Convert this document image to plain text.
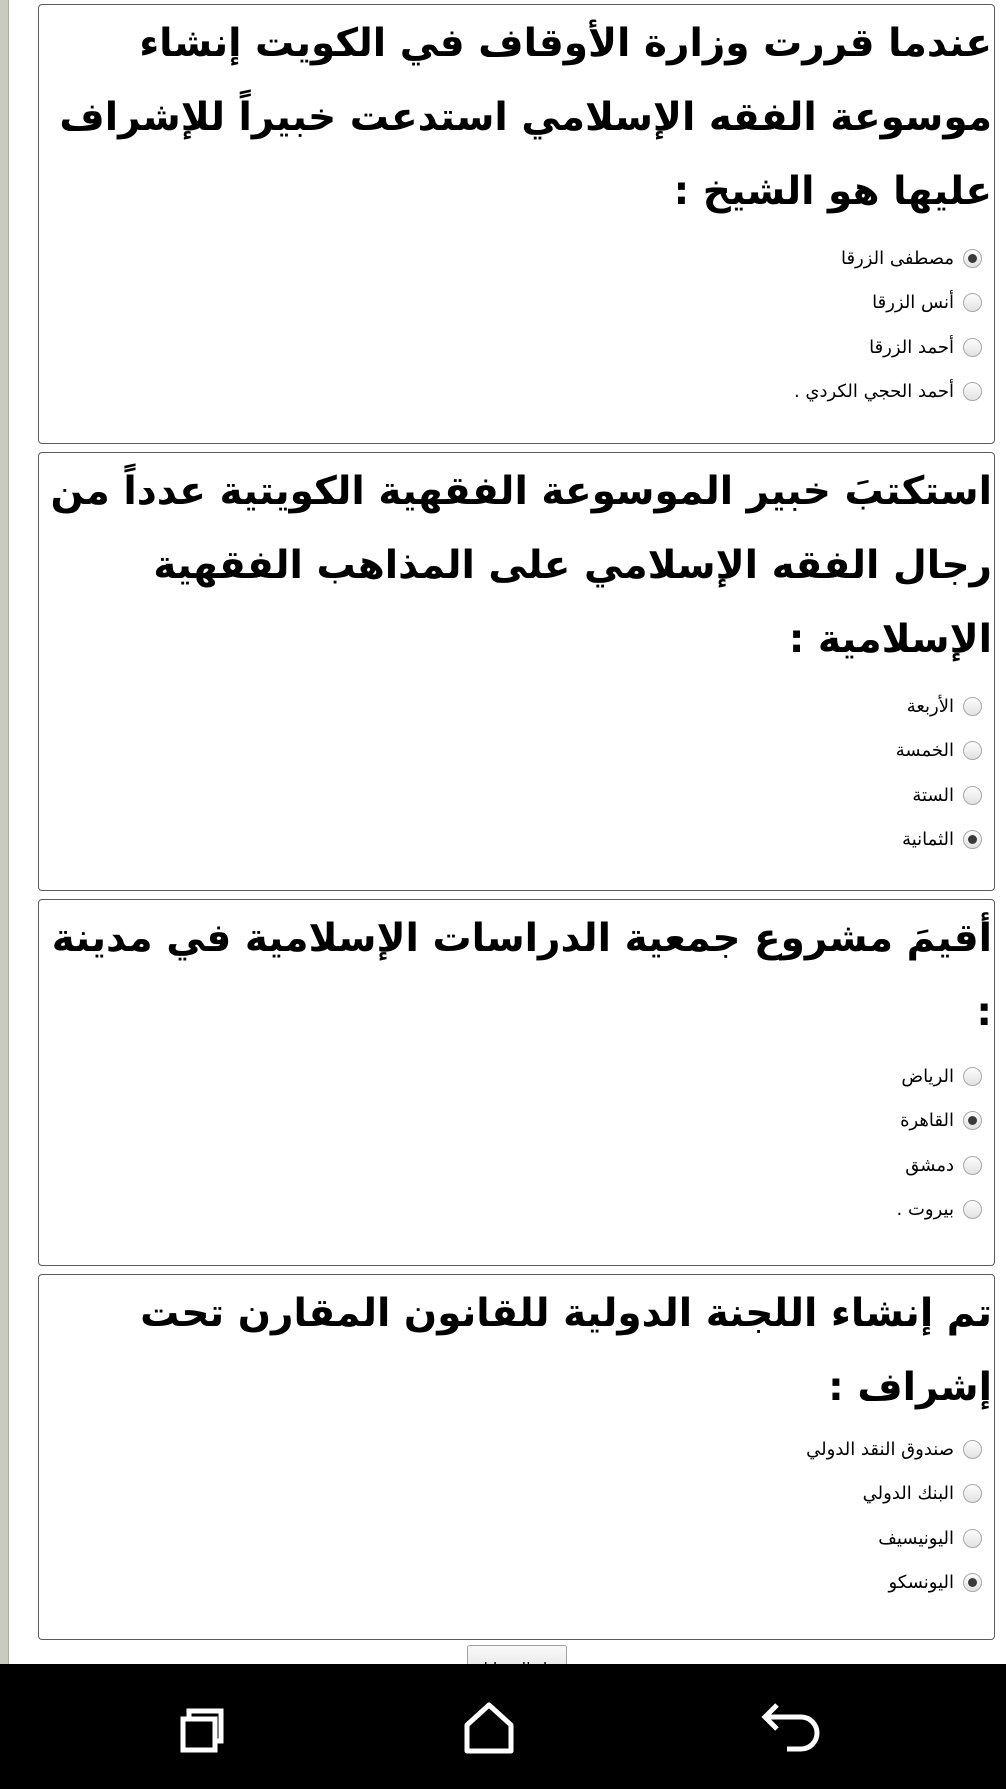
عندما قررت وزارة الأوقاف في الكويت إنشاء موسوعة الفقه الإسلامي استدعت خبيراً للإشراف عليها هو الشيخ :

مصطفى الزرقا
أنس الزرقا
أحمد الزرقا
أحمد الحجي الكردي .

استكتبَ خبير الموسوعة الفقهية الكويتية عدداً من رجال الفقه الإسلامي على المذاهب الفقهية الإسلامية :

الأربعة
الخمسة
الستة
الثمانية

أقيمَ مشروع جمعية الدراسات الإسلامية في مدينة :

الرياض
القاهرة
دمشق
بيروت .

تم إنشاء اللجنة الدولية للقانون المقارن تحت إشراف :

صندوق النقد الدولي
البنك الدولي
اليونيسيف
اليونسكو
